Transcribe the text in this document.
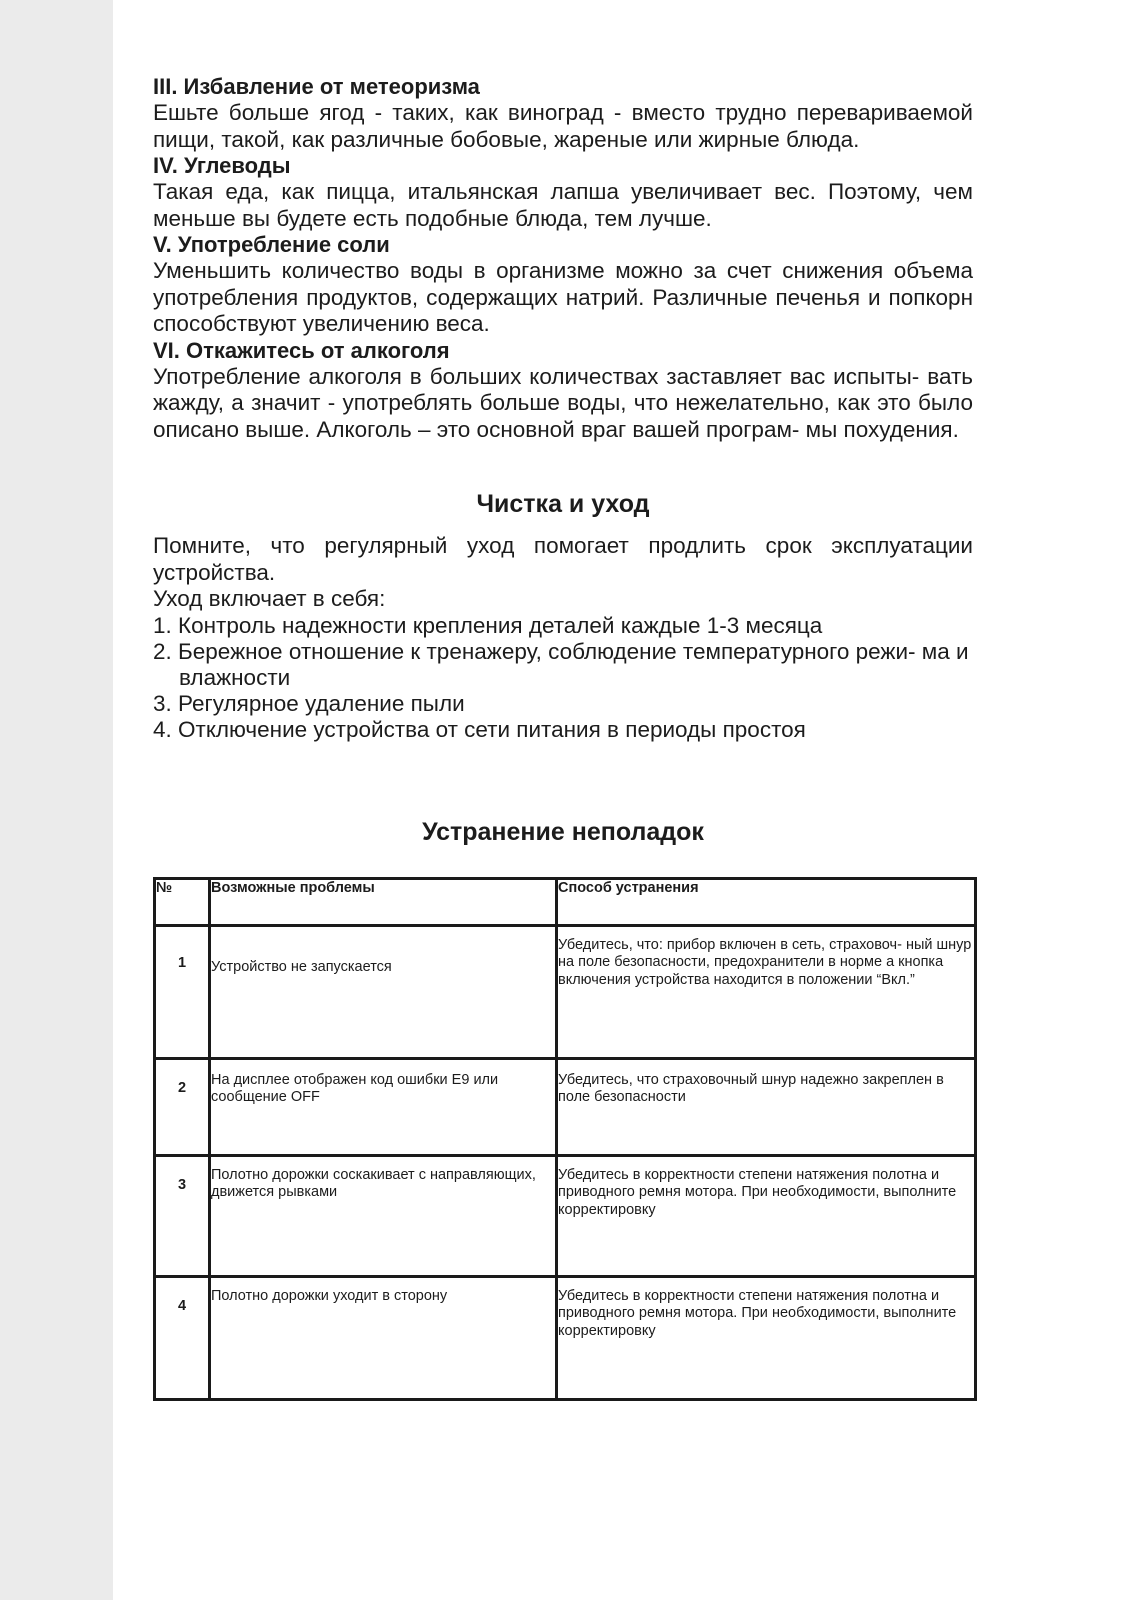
III. Избавление от метеоризма

Ешьте больше ягод - таких, как виноград - вместо трудно перевариваемой пищи, такой, как различные бобовые, жареные или жирные блюда.

IV. Углеводы

Такая еда, как пицца, итальянская лапша увеличивает вес. Поэтому, чем меньше вы будете есть подобные блюда, тем лучше.

V. Употребление соли

Уменьшить количество воды в организме можно за счет снижения объема употребления продуктов, содержащих натрий. Различные печенья и попкорн способствуют увеличению веса.

VI. Откажитесь от алкоголя

Употребление алкоголя в больших количествах заставляет вас испыты- вать жажду, а значит - употреблять больше воды, что нежелательно, как это было описано выше. Алкоголь – это основной враг вашей програм- мы похудения.

Чистка и уход

Помните, что регулярный уход помогает продлить срок эксплуатации устройства.

Уход включает в себя:

1. Контроль надежности крепления деталей каждые 1-3 месяца
2. Бережное отношение к тренажеру, соблюдение температурного режи- ма и влажности
3. Регулярное удаление пыли
4. Отключение устройства от сети питания в периоды простоя

Устранение неполадок

№	Возможные проблемы	Способ устранения
1	Устройство не запускается	Убедитесь, что: прибор включен в сеть, страховоч- ный шнур на поле безопасности, предохранители в норме а кнопка включения устройства находится в положении “Вкл.”
2	На дисплее отображен код ошибки E9 или сообщение OFF	Убедитесь, что страховочный шнур надежно закреплен в поле безопасности
3	Полотно дорожки соскакивает с направляющих, движется рывками	Убедитесь в корректности степени натяжения полотна и приводного ремня мотора. При необходимости, выполните корректировку
4	Полотно дорожки уходит в сторону	Убедитесь в корректности степени натяжения полотна и приводного ремня мотора. При необходимости, выполните корректировку
